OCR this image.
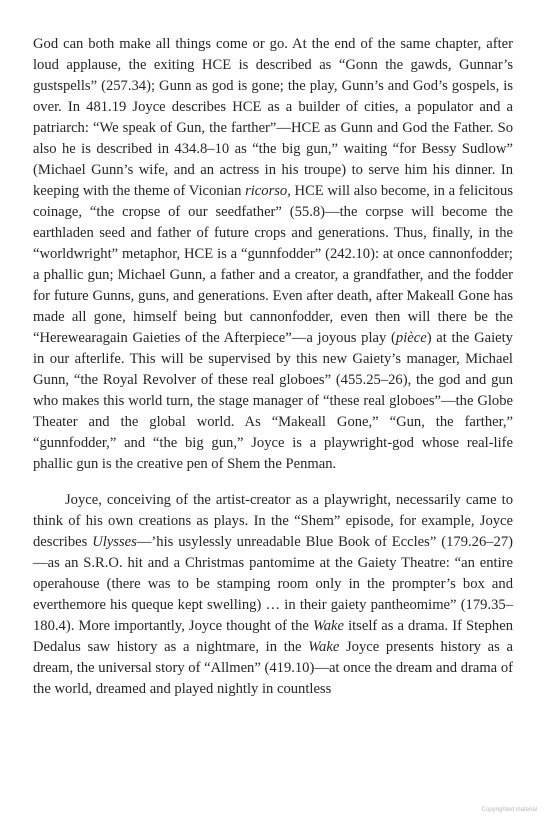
God can both make all things come or go. At the end of the same chapter, after loud applause, the exiting HCE is described as “Gonn the gawds, Gunnar’s gustspells” (257.34); Gunn as god is gone; the play, Gunn’s and God’s gospels, is over. In 481.19 Joyce describes HCE as a builder of cities, a populator and a patriarch: “We speak of Gun, the farther”—HCE as Gunn and God the Father. So also he is described in 434.8–10 as “the big gun,” waiting “for Bessy Sudlow” (Michael Gunn’s wife, and an actress in his troupe) to serve him his dinner. In keeping with the theme of Viconian ricorso, HCE will also become, in a felicitous coinage, “the cropse of our seedfather” (55.8)—the corpse will become the earthladen seed and father of future crops and generations. Thus, finally, in the “worldwright” metaphor, HCE is a “gunnfodder” (242.10): at once cannonfodder; a phallic gun; Michael Gunn, a father and a creator, a grandfather, and the fodder for future Gunns, guns, and generations. Even after death, after Makeall Gone has made all gone, himself being but cannonfodder, even then will there be the “Herewearagain Gaieties of the Afterpiece”—a joyous play (pièce) at the Gaiety in our afterlife. This will be supervised by this new Gaiety’s manager, Michael Gunn, “the Royal Revolver of these real globoes” (455.25–26), the god and gun who makes this world turn, the stage manager of “these real globoes”—the Globe Theater and the global world. As “Makeall Gone,” “Gun, the farther,” “gunnfodder,” and “the big gun,” Joyce is a playwright-god whose real-life phallic gun is the creative pen of Shem the Penman.

Joyce, conceiving of the artist-creator as a playwright, necessarily came to think of his own creations as plays. In the “Shem” episode, for example, Joyce describes Ulysses—’his usylessly unreadable Blue Book of Eccles” (179.26–27)—as an S.R.O. hit and a Christmas pantomime at the Gaiety Theatre: “an entire operahouse (there was to be stamping room only in the prompter’s box and everthemore his queque kept swelling) … in their gaiety pantheomime” (179.35–180.4). More importantly, Joyce thought of the Wake itself as a drama. If Stephen Dedalus saw history as a nightmare, in the Wake Joyce presents history as a dream, the universal story of “Allmen” (419.10)—at once the dream and drama of the world, dreamed and played nightly in countless

Copyrighted material
